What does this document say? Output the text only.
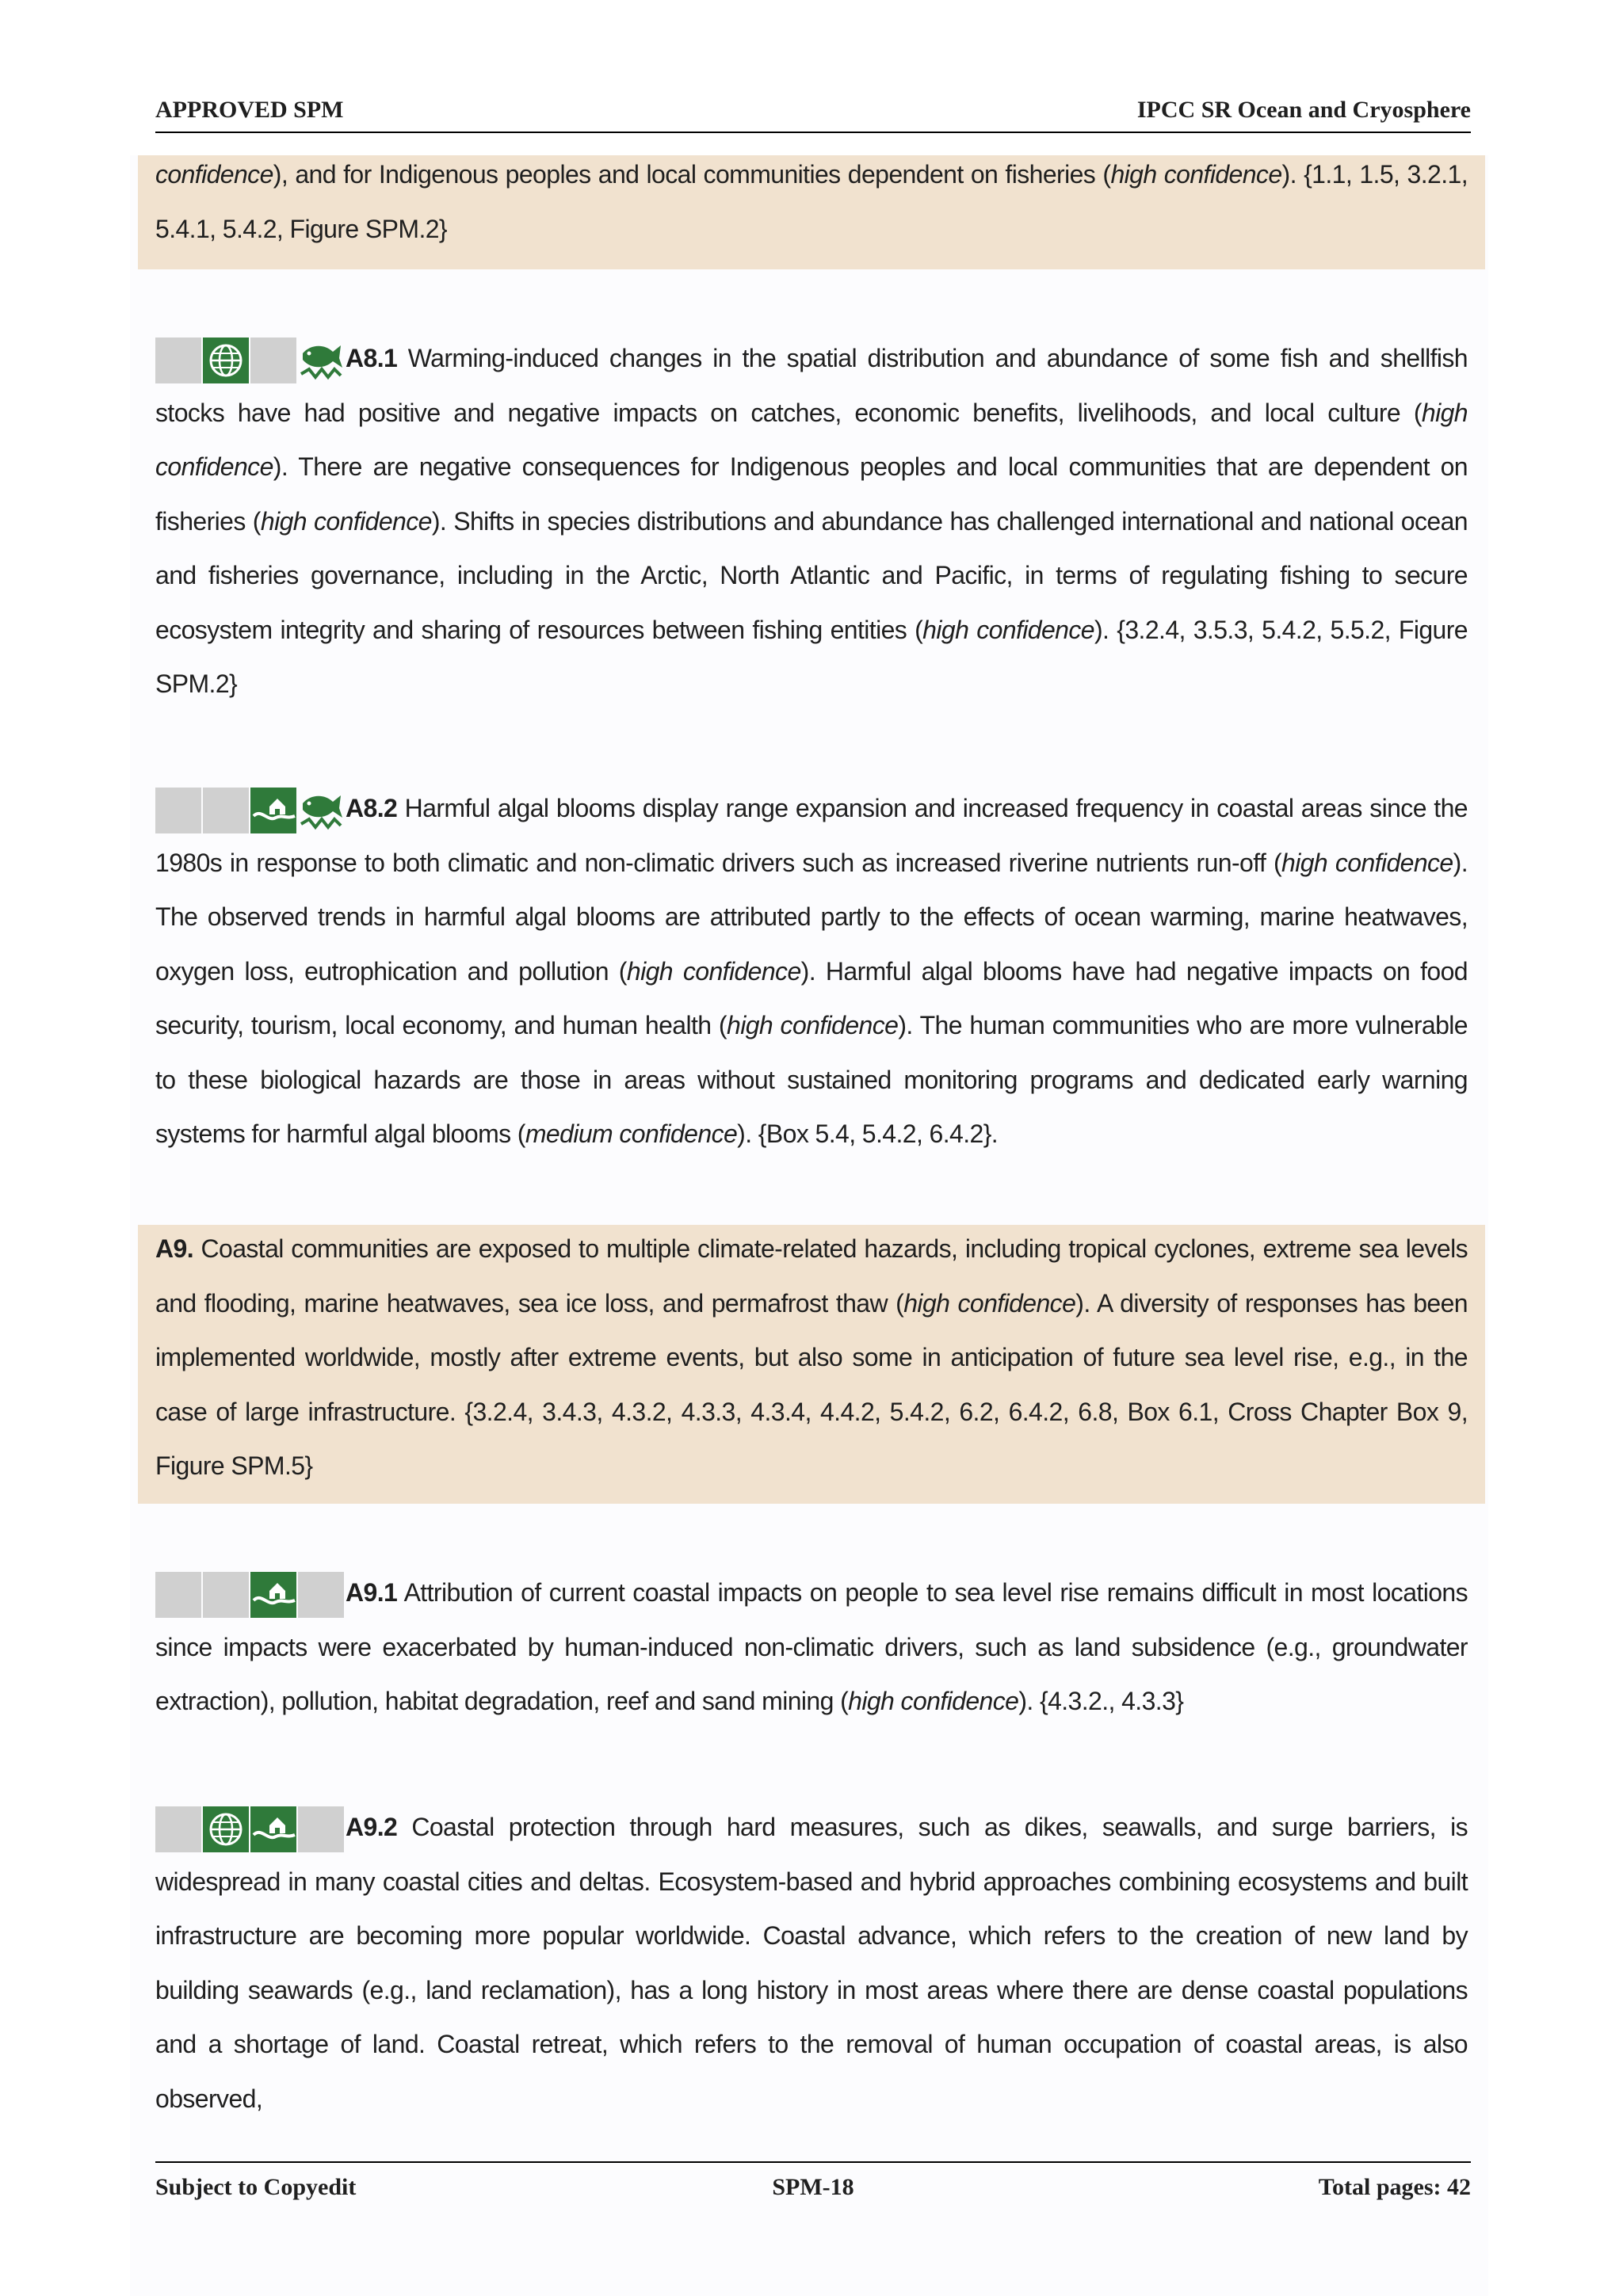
APPROVED SPM	IPCC SR Ocean and Cryosphere
confidence), and for Indigenous peoples and local communities dependent on fisheries (high confidence). {1.1, 1.5, 3.2.1,
5.4.1, 5.4.2, Figure SPM.2}
A8.1 Warming-induced changes in the spatial distribution and abundance of some fish and shellfish stocks have had positive and negative impacts on catches, economic benefits, livelihoods, and local culture (high confidence). There are negative consequences for Indigenous peoples and local communities that are dependent on fisheries (high confidence). Shifts in species distributions and abundance has challenged international and national ocean and fisheries governance, including in the Arctic, North Atlantic and Pacific, in terms of regulating fishing to secure ecosystem integrity and sharing of resources between fishing entities (high confidence). {3.2.4, 3.5.3, 5.4.2, 5.5.2, Figure SPM.2}
A8.2 Harmful algal blooms display range expansion and increased frequency in coastal areas since the 1980s in response to both climatic and non-climatic drivers such as increased riverine nutrients run-off (high confidence). The observed trends in harmful algal blooms are attributed partly to the effects of ocean warming, marine heatwaves, oxygen loss, eutrophication and pollution (high confidence). Harmful algal blooms have had negative impacts on food security, tourism, local economy, and human health (high confidence). The human communities who are more vulnerable to these biological hazards are those in areas without sustained monitoring programs and dedicated early warning systems for harmful algal blooms (medium confidence). {Box 5.4, 5.4.2, 6.4.2}.
A9. Coastal communities are exposed to multiple climate-related hazards, including tropical cyclones, extreme sea levels and flooding, marine heatwaves, sea ice loss, and permafrost thaw (high confidence). A diversity of responses has been implemented worldwide, mostly after extreme events, but also some in anticipation of future sea level rise, e.g., in the case of large infrastructure. {3.2.4, 3.4.3, 4.3.2, 4.3.3, 4.3.4, 4.4.2, 5.4.2, 6.2, 6.4.2, 6.8, Box 6.1, Cross Chapter Box 9, Figure SPM.5}
A9.1 Attribution of current coastal impacts on people to sea level rise remains difficult in most locations since impacts were exacerbated by human-induced non-climatic drivers, such as land subsidence (e.g., groundwater extraction), pollution, habitat degradation, reef and sand mining (high confidence). {4.3.2., 4.3.3}
A9.2 Coastal protection through hard measures, such as dikes, seawalls, and surge barriers, is widespread in many coastal cities and deltas. Ecosystem-based and hybrid approaches combining ecosystems and built infrastructure are becoming more popular worldwide. Coastal advance, which refers to the creation of new land by building seawards (e.g., land reclamation), has a long history in most areas where there are dense coastal populations and a shortage of land. Coastal retreat, which refers to the removal of human occupation of coastal areas, is also observed,
Subject to Copyedit	SPM-18	Total pages: 42
